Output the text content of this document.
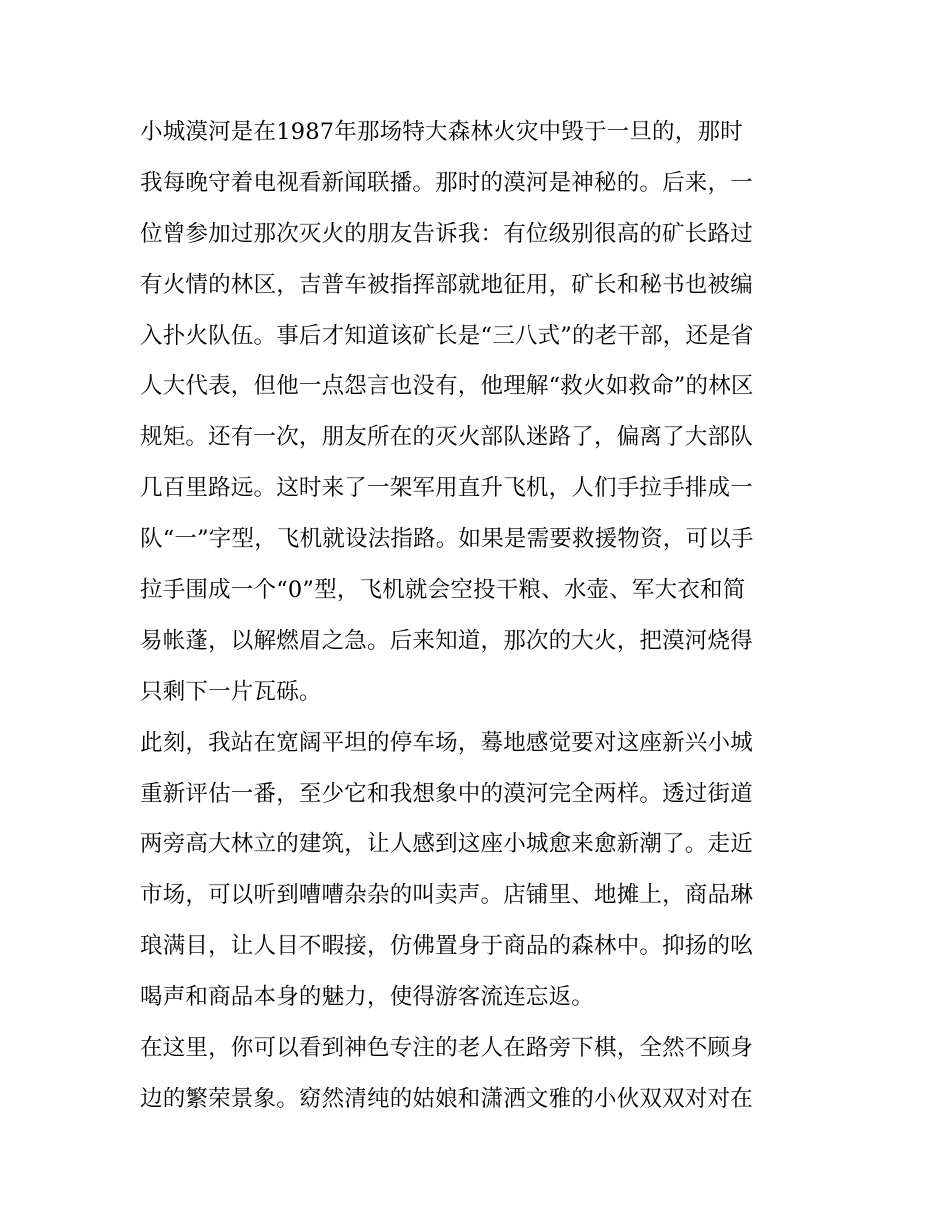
小城漠河是在1987年那场特大森林火灾中毁于一旦的，那时
我每晚守着电视看新闻联播。那时的漠河是神秘的。后来，一
位曾参加过那次灭火的朋友告诉我：有位级别很高的矿长路过
有火情的林区，吉普车被指挥部就地征用，矿长和秘书也被编
入扑火队伍。事后才知道该矿长是“三八式”的老干部，还是省
人大代表，但他一点怨言也没有，他理解“救火如救命”的林区
规矩。还有一次，朋友所在的灭火部队迷路了，偏离了大部队
几百里路远。这时来了一架军用直升飞机，人们手拉手排成一
队“一”字型，飞机就设法指路。如果是需要救援物资，可以手
拉手围成一个“0”型，飞机就会空投干粮、水壶、军大衣和简
易帐蓬，以解燃眉之急。后来知道，那次的大火，把漠河烧得
只剩下一片瓦砾。
此刻，我站在宽阔平坦的停车场，蓦地感觉要对这座新兴小城
重新评估一番，至少它和我想象中的漠河完全两样。透过街道
两旁高大林立的建筑，让人感到这座小城愈来愈新潮了。走近
市场，可以听到嘈嘈杂杂的叫卖声。店铺里、地摊上，商品琳
琅满目，让人目不暇接，仿佛置身于商品的森林中。抑扬的吆
喝声和商品本身的魅力，使得游客流连忘返。
在这里，你可以看到神色专注的老人在路旁下棋，全然不顾身
边的繁荣景象。窈然清纯的姑娘和潇洒文雅的小伙双双对对在
